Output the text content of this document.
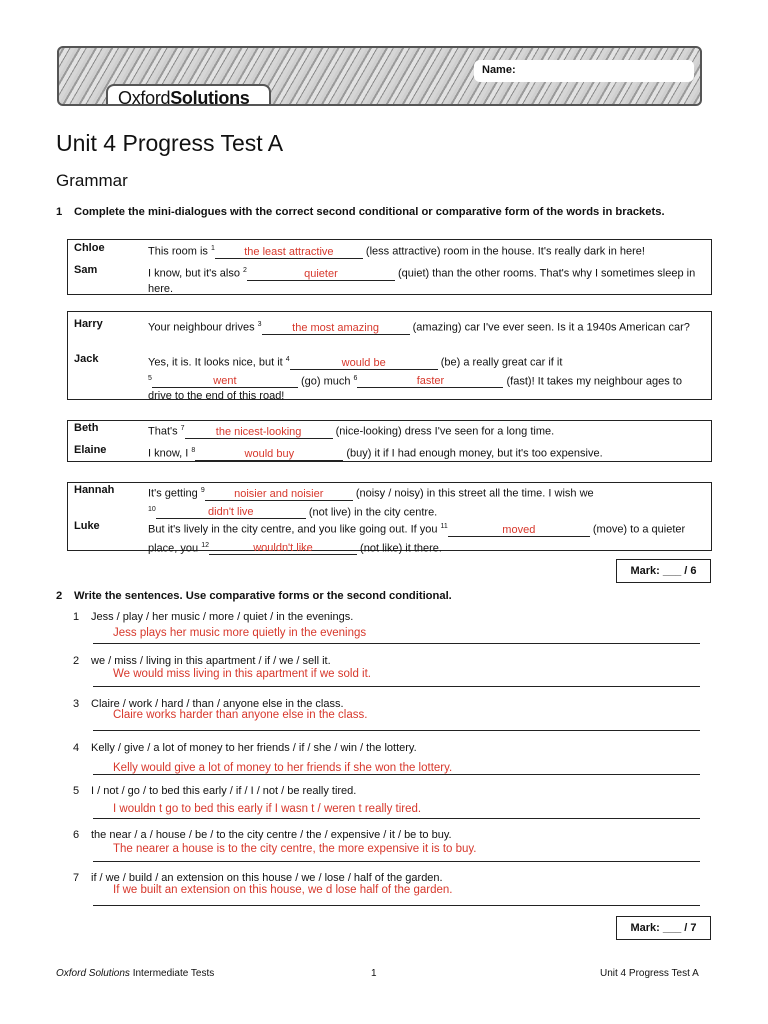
Name:
OxfordSolutions
Unit 4 Progress Test A
Grammar
1 Complete the mini-dialogues with the correct second conditional or comparative form of the words in brackets.
Chloe	This room is $^1$	the least attractive	(less attractive) room in the house. It's really dark in here!
Sam	I know, but it's also $^2$	quieter	(quiet) than the other rooms. That's why I sometimes sleep in here.
Harry	Your neighbour drives $^3$	the most amazing	(amazing) car I've ever seen. Is it a 1940s American car?
Jack	Yes, it is. It looks nice, but it $^4$	would be	(be) a really great car if it
$^5$	went	(go) much $^6$	faster	(fast)! It takes my neighbour ages to drive to the end of this road!
Beth	That's $^7$	the nicest-looking	(nice-looking) dress I've seen for a long time.
Elaine	I know, I $^8$	would buy	(buy) it if I had enough money, but it's too expensive.
Hannah	It's getting $^9$	noisier and noisier	(noisy / noisy) in this street all the time. I wish we
$^{10}$	didn't live	(not live) in the city centre.
Luke	But it's lively in the city centre, and you like going out. If you $^{11}$	moved	(move) to a quieter place, you $^{12}$	wouldn't like	(not like) it there.
Mark: ___ / 6
2 Write the sentences. Use comparative forms or the second conditional.
1 Jess / play / her music / more / quiet / in the evenings.
Jess plays her music more quietly in the evenings
2 we / miss / living in this apartment / if / we / sell it.
We would miss living in this apartment if we sold it.
3 Claire / work / hard / than / anyone else in the class.
Claire works harder than anyone else in the class.
4 Kelly / give / a lot of money to her friends / if / she / win / the lottery.
Kelly would give a lot of money to her friends if she won the lottery.
5 I / not / go / to bed this early / if / I / not / be really tired.
I wouldn t go to bed this early if I wasn t / weren t really tired.
6 the near / a / house / be / to the city centre / the / expensive / it / be to buy.
The nearer a house is to the city centre, the more expensive it is to buy.
7 if / we / build / an extension on this house / we / lose / half of the garden.
If we built an extension on this house, we d lose half of the garden.
Mark: ___ / 7
Oxford Solutions Intermediate Tests	1	Unit 4 Progress Test A
